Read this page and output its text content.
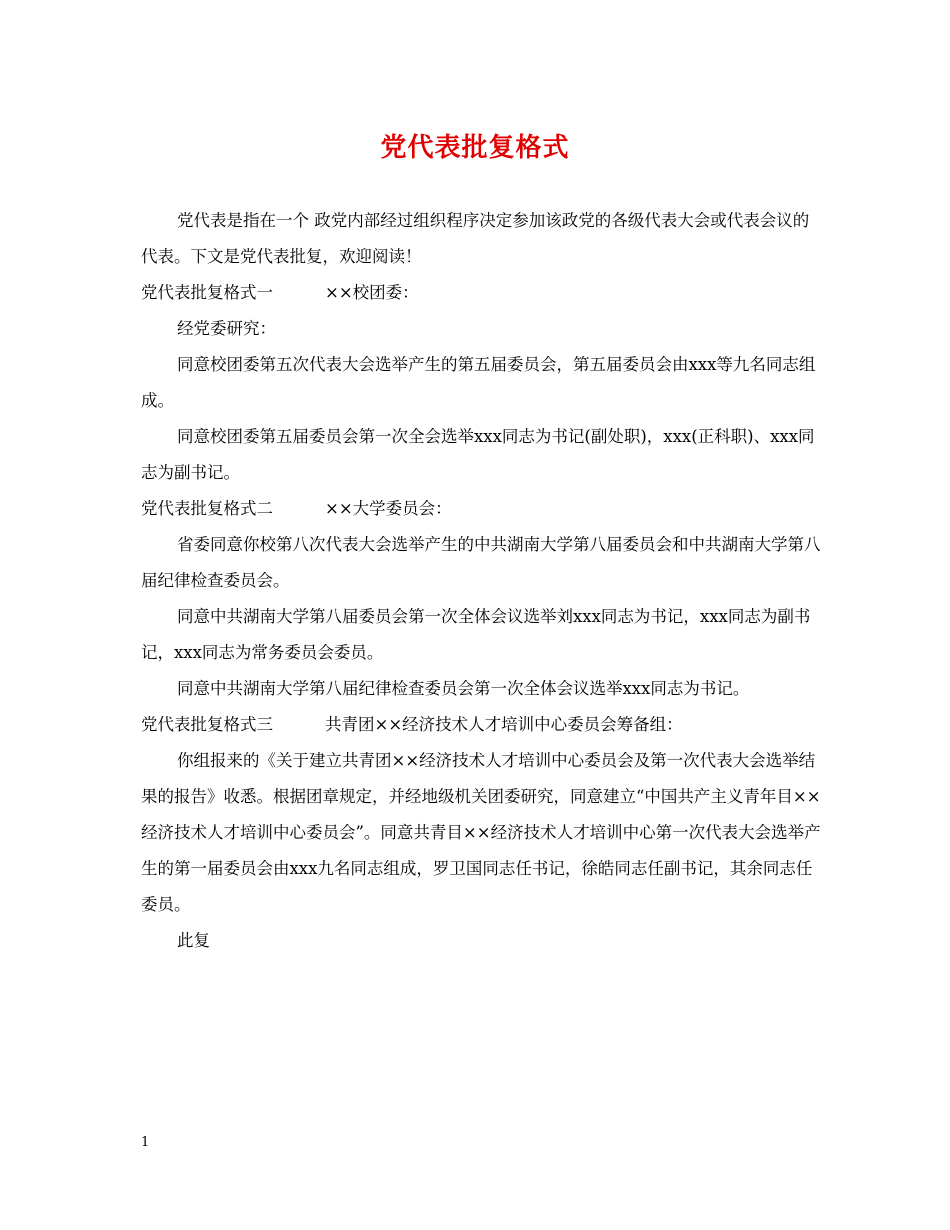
党代表批复格式

党代表是指在一个 政党内部经过组织程序决定参加该政党的各级代表大会或代表会议的代表。下文是党代表批复，欢迎阅读！

党代表批复格式一	××校团委：

经党委研究：

同意校团委第五次代表大会选举产生的第五届委员会，第五届委员会由xxx等九名同志组成。

同意校团委第五届委员会第一次全会选举xxx同志为书记(副处职)，xxx(正科职)、xxx同志为副书记。

党代表批复格式二	××大学委员会：

省委同意你校第八次代表大会选举产生的中共湖南大学第八届委员会和中共湖南大学第八届纪律检查委员会。

同意中共湖南大学第八届委员会第一次全体会议选举刘xxx同志为书记，xxx同志为副书记，xxx同志为常务委员会委员。

同意中共湖南大学第八届纪律检查委员会第一次全体会议选举xxx同志为书记。

党代表批复格式三	共青团××经济技术人才培训中心委员会筹备组：

你组报来的《关于建立共青团××经济技术人才培训中心委员会及第一次代表大会选举结果的报告》收悉。根据团章规定，并经地级机关团委研究，同意建立“中国共产主义青年目××经济技术人才培训中心委员会”。同意共青目××经济技术人才培训中心第一次代表大会选举产生的第一届委员会由xxx九名同志组成，罗卫国同志任书记，徐皓同志任副书记，其余同志任委员。

此复

1
